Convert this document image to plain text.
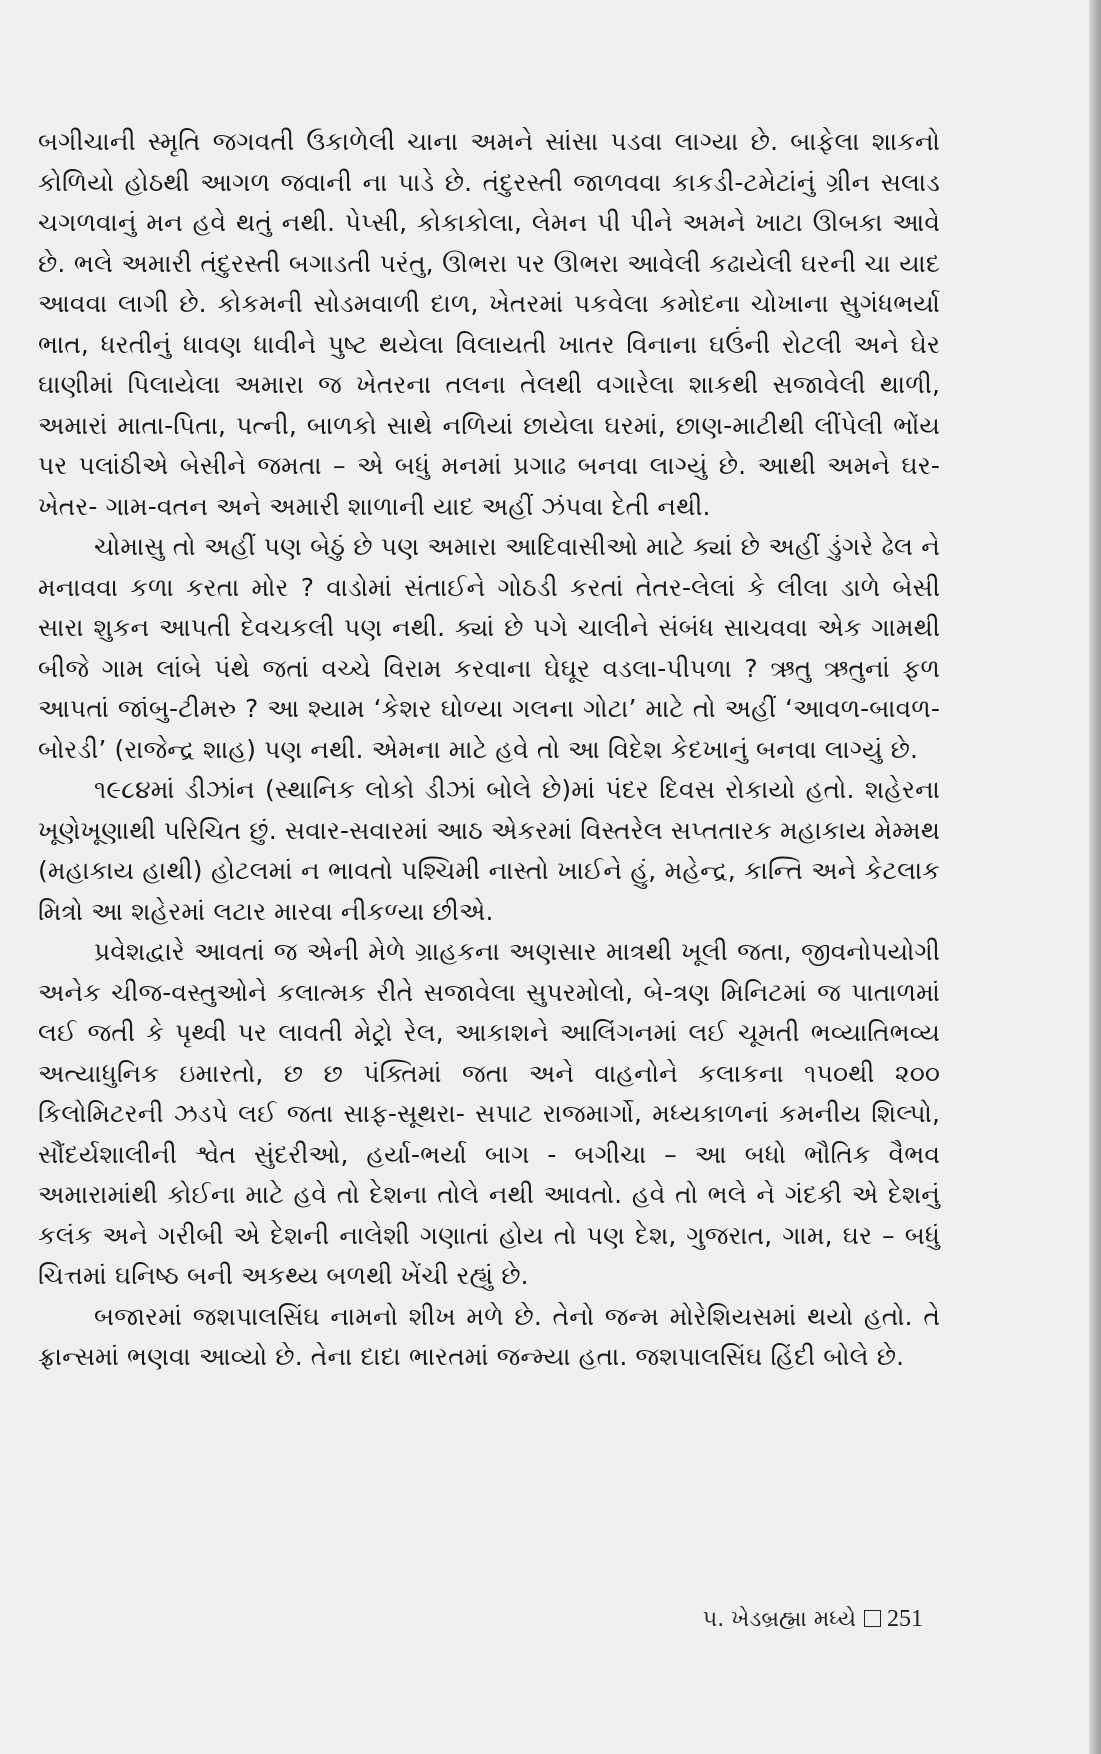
બગીચાની સ્મૃતિ જગવતી ઉકાળેલી ચાના અમને સાંસા પડવા લાગ્યા છે. બાફેલા શાકનો કોળિયો હોઠથી આગળ જવાની ના પાડે છે. તંદુરસ્તી જાળવવા કાકડી-ટમેટાંનું ગ્રીન સલાડ ચગળવાનું મન હવે થતું નથી. પેપ્સી, કોકાકોલા, લેમન પી પીને અમને ખાટા ઊબકા આવે છે. ભલે અમારી તંદુરસ્તી બગાડતી પરંતુ, ઊભરા પર ઊભરા આવેલી કઢાયેલી ઘરની ચા યાદ આવવા લાગી છે. કોકમની સોડમવાળી દાળ, ખેતરમાં પકવેલા કમોદના ચોખાના સુગંધભર્યા ભાત, ધરતીનું ધાવણ ધાવીને પુષ્ટ થયેલા વિલાયતી ખાતર વિનાના ઘઉંની રોટલી અને ઘેર ઘાણીમાં પિલાયેલા અમારા જ ખેતરના તલના તેલથી વગારેલા શાકથી સજાવેલી થાળી, અમારાં માતા-પિતા, પત્ની, બાળકો સાથે નળિયાં છાયેલા ઘરમાં, છાણ-માટીથી લીંપેલી ભોંય પર પલાંઠીએ બેસીને જમતા – એ બધું મનમાં પ્રગાઢ બનવા લાગ્યું છે. આથી અમને ઘર-ખેતર- ગામ-વતન અને અમારી શાળાની યાદ અહીં ઝંપવા દેતી નથી.

ચોમાસુ તો અહીં પણ બેઠું છે પણ અમારા આદિવાસીઓ માટે ક્યાં છે અહીં ડુંગરે ઢેલ ને મનાવવા કળા કરતા મોર ? વાડોમાં સંતાઈને ગોઠડી કરતાં તેતર-લેલાં કે લીલા ડાળે બેસી સારા શુકન આપતી દેવચકલી પણ નથી. ક્યાં છે પગે ચાલીને સંબંધ સાચવવા એક ગામથી બીજે ગામ લાંબે પંથે જતાં વચ્ચે વિરામ કરવાના ઘેઘૂર વડલા-પીપળા ? ઋતુ ઋતુનાં ફળ આપતાં જાંબુ-ટીમરુ ? આ શ્યામ ‘કેશર ઘોળ્યા ગલના ગોટા’ માટે તો અહીં ‘આવળ-બાવળ-બોરડી’ (રાજેન્દ્ર શાહ) પણ નથી. એમના માટે હવે તો આ વિદેશ કેદખાનું બનવા લાગ્યું છે.

૧૯૮૪માં ડીઝાંન (સ્થાનિક લોકો ડીઝાં બોલે છે)માં પંદર દિવસ રોકાયો હતો. શહેરના ખૂણેખૂણાથી પરિચિત છું. સવાર-સવારમાં આઠ એકરમાં વિસ્તરેલ સપ્તતારક મહાકાય મેમ્મથ (મહાકાય હાથી) હોટલમાં ન ભાવતો પશ્ચિમી નાસ્તો ખાઈને હું, મહેન્દ્ર, કાન્તિ અને કેટલાક મિત્રો આ શહેરમાં લટાર મારવા નીકળ્યા છીએ.

પ્રવેશદ્વારે આવતાં જ એની મેળે ગ્રાહકના અણસાર માત્રથી ખૂલી જતા, જીવનોપયોગી અનેક ચીજ-વસ્તુઓને કલાત્મક રીતે સજાવેલા સુપરમોલો, બે-ત્રણ મિનિટમાં જ પાતાળમાં લઈ જતી કે પૃથ્વી પર લાવતી મેટ્રો રેલ, આકાશને આલિંગનમાં લઈ ચૂમતી ભવ્યાતિભવ્ય અત્યાધુનિક ઇમારતો, છ છ પંક્તિમાં જતા અને વાહનોને કલાકના ૧૫૦થી ૨૦૦ કિલોમિટરની ઝડપે લઈ જતા સાફ-સૂથરા- સપાટ રાજમાર્ગો, મધ્યકાળનાં કમનીય શિલ્પો, સૌંદર્યશાલીની શ્વેત સુંદરીઓ, હર્યા-ભર્યા બાગ - બગીચા – આ બધો ભૌતિક વૈભવ અમારામાંથી કોઈના માટે હવે તો દેશના તોલે નથી આવતો. હવે તો ભલે ને ગંદકી એ દેશનું કલંક અને ગરીબી એ દેશની નાલેશી ગણાતાં હોય તો પણ દેશ, ગુજરાત, ગામ, ઘર – બધું ચિત્તમાં ઘનિષ્ઠ બની અકથ્ય બળથી ખેંચી રહ્યું છે.

બજારમાં જશપાલસિંઘ નામનો શીખ મળે છે. તેનો જન્મ મોરેશિયસમાં થયો હતો. તે ફ્રાન્સમાં ભણવા આવ્યો છે. તેના દાદા ભારતમાં જન્મ્યા હતા. જશપાલસિંઘ હિંદી બોલે છે.

૫. ખેડબ્રહ્મા મધ્યે 251
